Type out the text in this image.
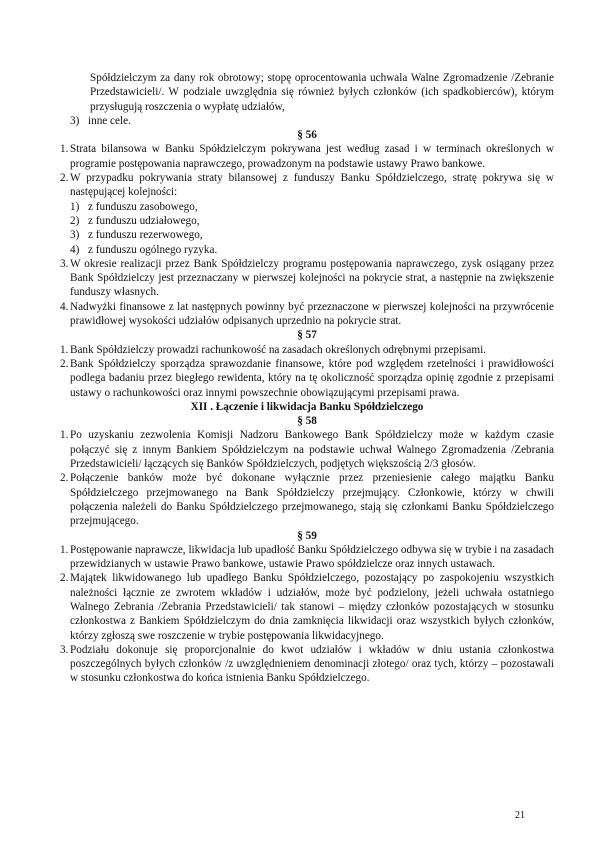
Spółdzielczym za dany rok obrotowy; stopę oprocentowania uchwala Walne Zgromadzenie /Zebranie Przedstawicieli/. W podziale uwzględnia się również byłych członków (ich spadkobierców), którym przysługują roszczenia o wypłatę udziałów,
3) inne cele.
§ 56
1. Strata bilansowa w Banku Spółdzielczym pokrywana jest według zasad i w terminach określonych w programie postępowania naprawczego, prowadzonym na podstawie ustawy Prawo bankowe.
2. W przypadku pokrywania straty bilansowej z funduszy Banku Spółdzielczego, stratę pokrywa się w następującej kolejności:
1) z funduszu zasobowego,
2) z funduszu udziałowego,
3) z funduszu rezerwowego,
4) z funduszu ogólnego ryzyka.
3. W okresie realizacji przez Bank Spółdzielczy programu postępowania naprawczego, zysk osiągany przez Bank Spółdzielczy jest przeznaczany w pierwszej kolejności na pokrycie strat, a następnie na zwiększenie funduszy własnych.
4. Nadwyżki finansowe z lat następnych powinny być przeznaczone w pierwszej kolejności na przywrócenie prawidłowej wysokości udziałów odpisanych uprzednio na pokrycie strat.
§ 57
1. Bank Spółdzielczy prowadzi rachunkowość na zasadach określonych odrębnymi przepisami.
2. Bank Spółdzielczy sporządza sprawozdanie finansowe, które pod względem rzetelności i prawidłowości podlega badaniu przez biegłego rewidenta, który na tę okoliczność sporządza opinię zgodnie z przepisami ustawy o rachunkowości oraz innymi powszechnie obowiązującymi przepisami prawa.
XII . Łączenie i likwidacja Banku Spółdzielczego
§ 58
1. Po uzyskaniu zezwolenia Komisji Nadzoru Bankowego Bank Spółdzielczy może w każdym czasie połączyć się z innym Bankiem Spółdzielczym na podstawie uchwał Walnego Zgromadzenia /Zebrania Przedstawicieli/ łączących się Banków Spółdzielczych, podjętych większością 2/3 głosów.
2. Połączenie banków może być dokonane wyłącznie przez przeniesienie całego majątku Banku Spółdzielczego przejmowanego na Bank Spółdzielczy przejmujący. Członkowie, którzy w chwili połączenia należeli do Banku Spółdzielczego przejmowanego, stają się członkami Banku Spółdzielczego przejmującego.
§ 59
1. Postępowanie naprawcze, likwidacja lub upadłość Banku Spółdzielczego odbywa się w trybie i na zasadach przewidzianych w ustawie Prawo bankowe, ustawie Prawo spółdzielcze oraz innych ustawach.
2. Majątek likwidowanego lub upadłego Banku Spółdzielczego, pozostający po zaspokojeniu wszystkich należności łącznie ze zwrotem wkładów i udziałów, może być podzielony, jeżeli uchwała ostatniego Walnego Zebrania /Zebrania Przedstawicieli/ tak stanowi – między członków pozostających w stosunku członkostwa z Bankiem Spółdzielczym do dnia zamknięcia likwidacji oraz wszystkich byłych członków, którzy zgłoszą swe roszczenie w trybie postępowania likwidacyjnego.
3. Podziału dokonuje się proporcjonalnie do kwot udziałów i wkładów w dniu ustania członkostwa poszczególnych byłych członków /z uwzględnieniem denominacji złotego/ oraz tych, którzy – pozostawali w stosunku członkostwa do końca istnienia Banku Spółdzielczego.
21
